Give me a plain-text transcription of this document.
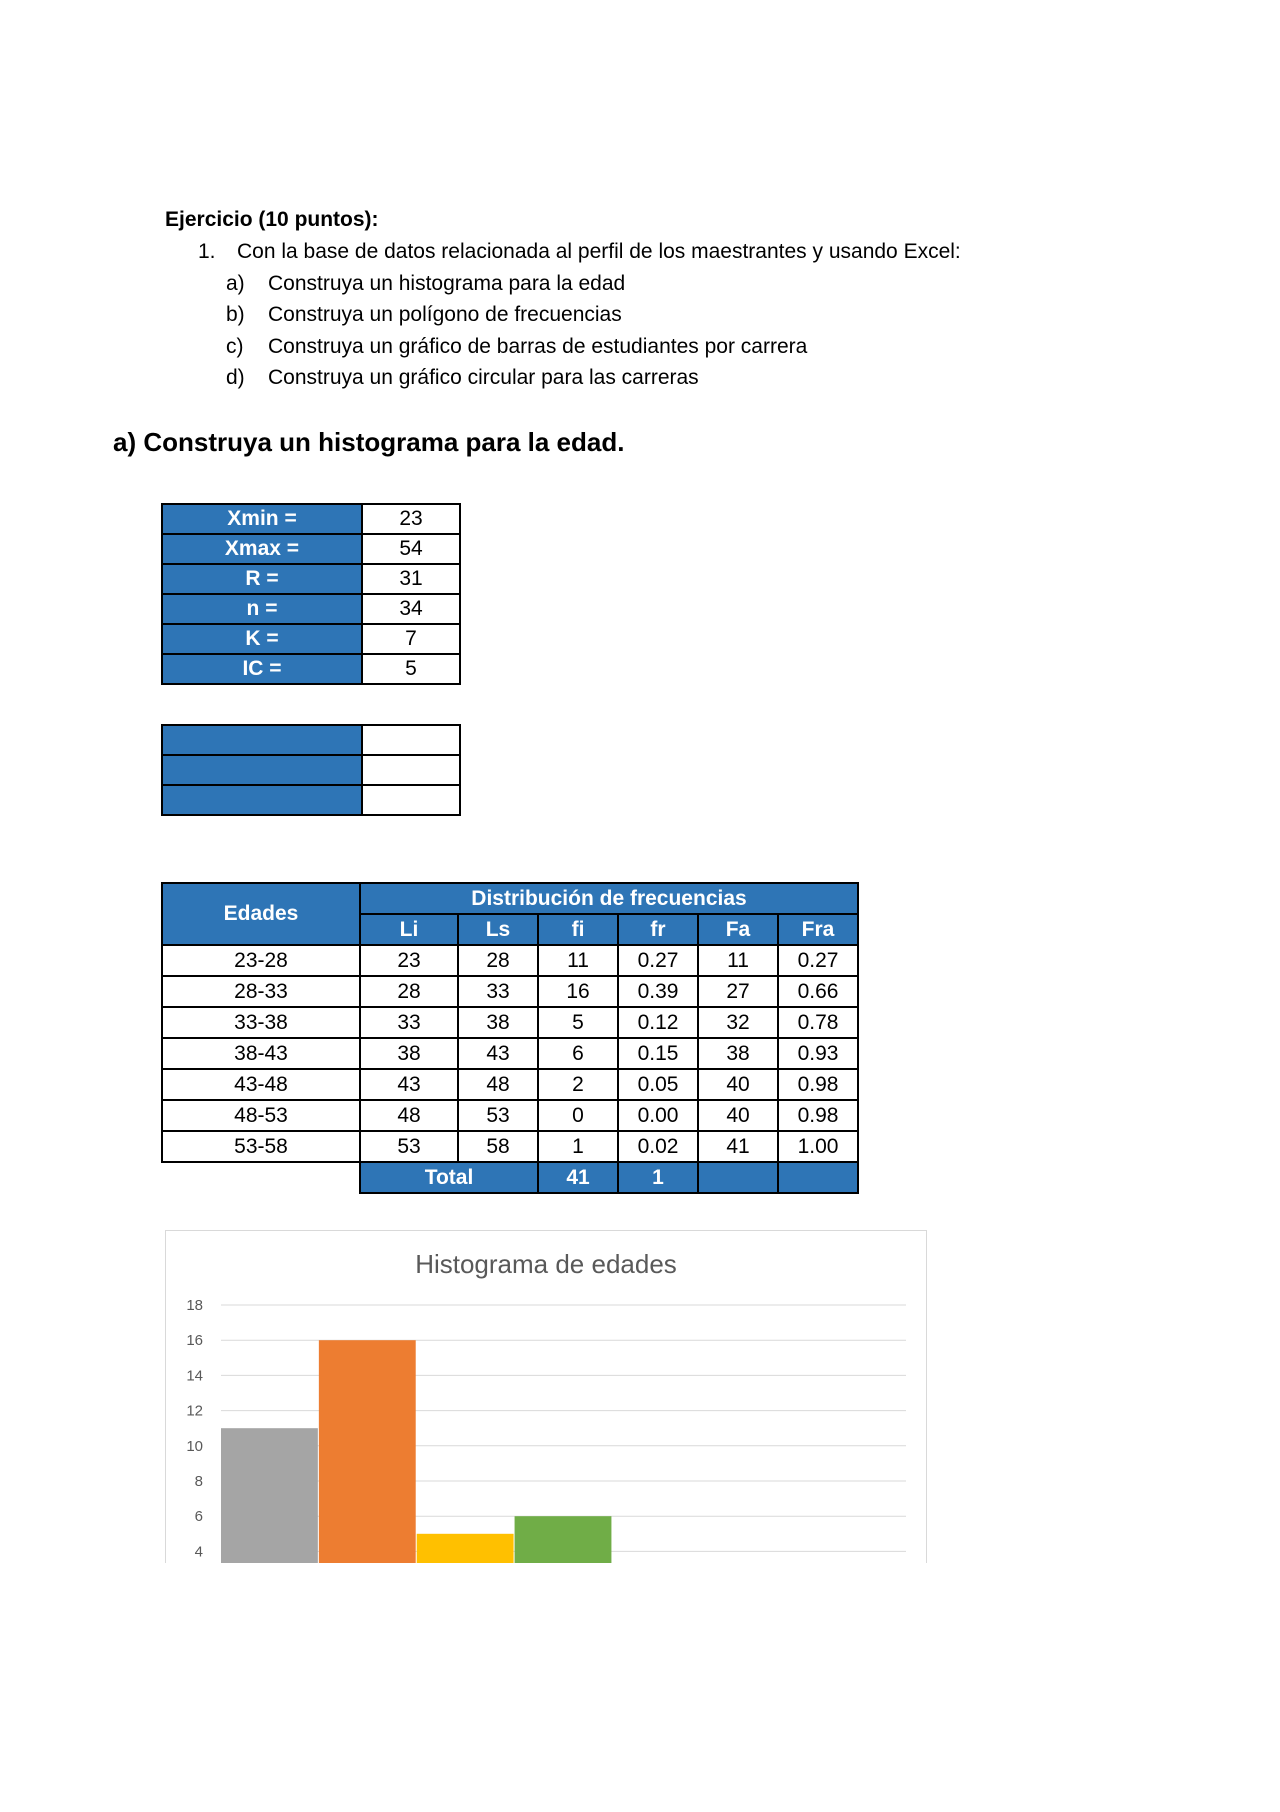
Ejercicio (10 puntos):
1. Con la base de datos relacionada al perfil de los maestrantes y usando Excel:
a) Construya un histograma para la edad
b) Construya un polígono de frecuencias
c) Construya un gráfico de barras de estudiantes por carrera
d) Construya un gráfico circular para las carreras
a) Construya un histograma para la edad.
Xmin =	23
Xmax =	54
R =	31
n =	34
K =	7
IC =	5

Edades	Distribución de frecuencias					
	Li	Ls	fi	fr	Fa	Fra
23-28	23	28	11	0.27	11	0.27
28-33	28	33	16	0.39	27	0.66
33-38	33	38	5	0.12	32	0.78
38-43	38	43	6	0.15	38	0.93
43-48	43	48	2	0.05	40	0.98
48-53	48	53	0	0.00	40	0.98
53-58	53	58	1	0.02	41	1.00
	Total		41	1		
Histograma de edades
4
6
8
10
12
14
16
18
